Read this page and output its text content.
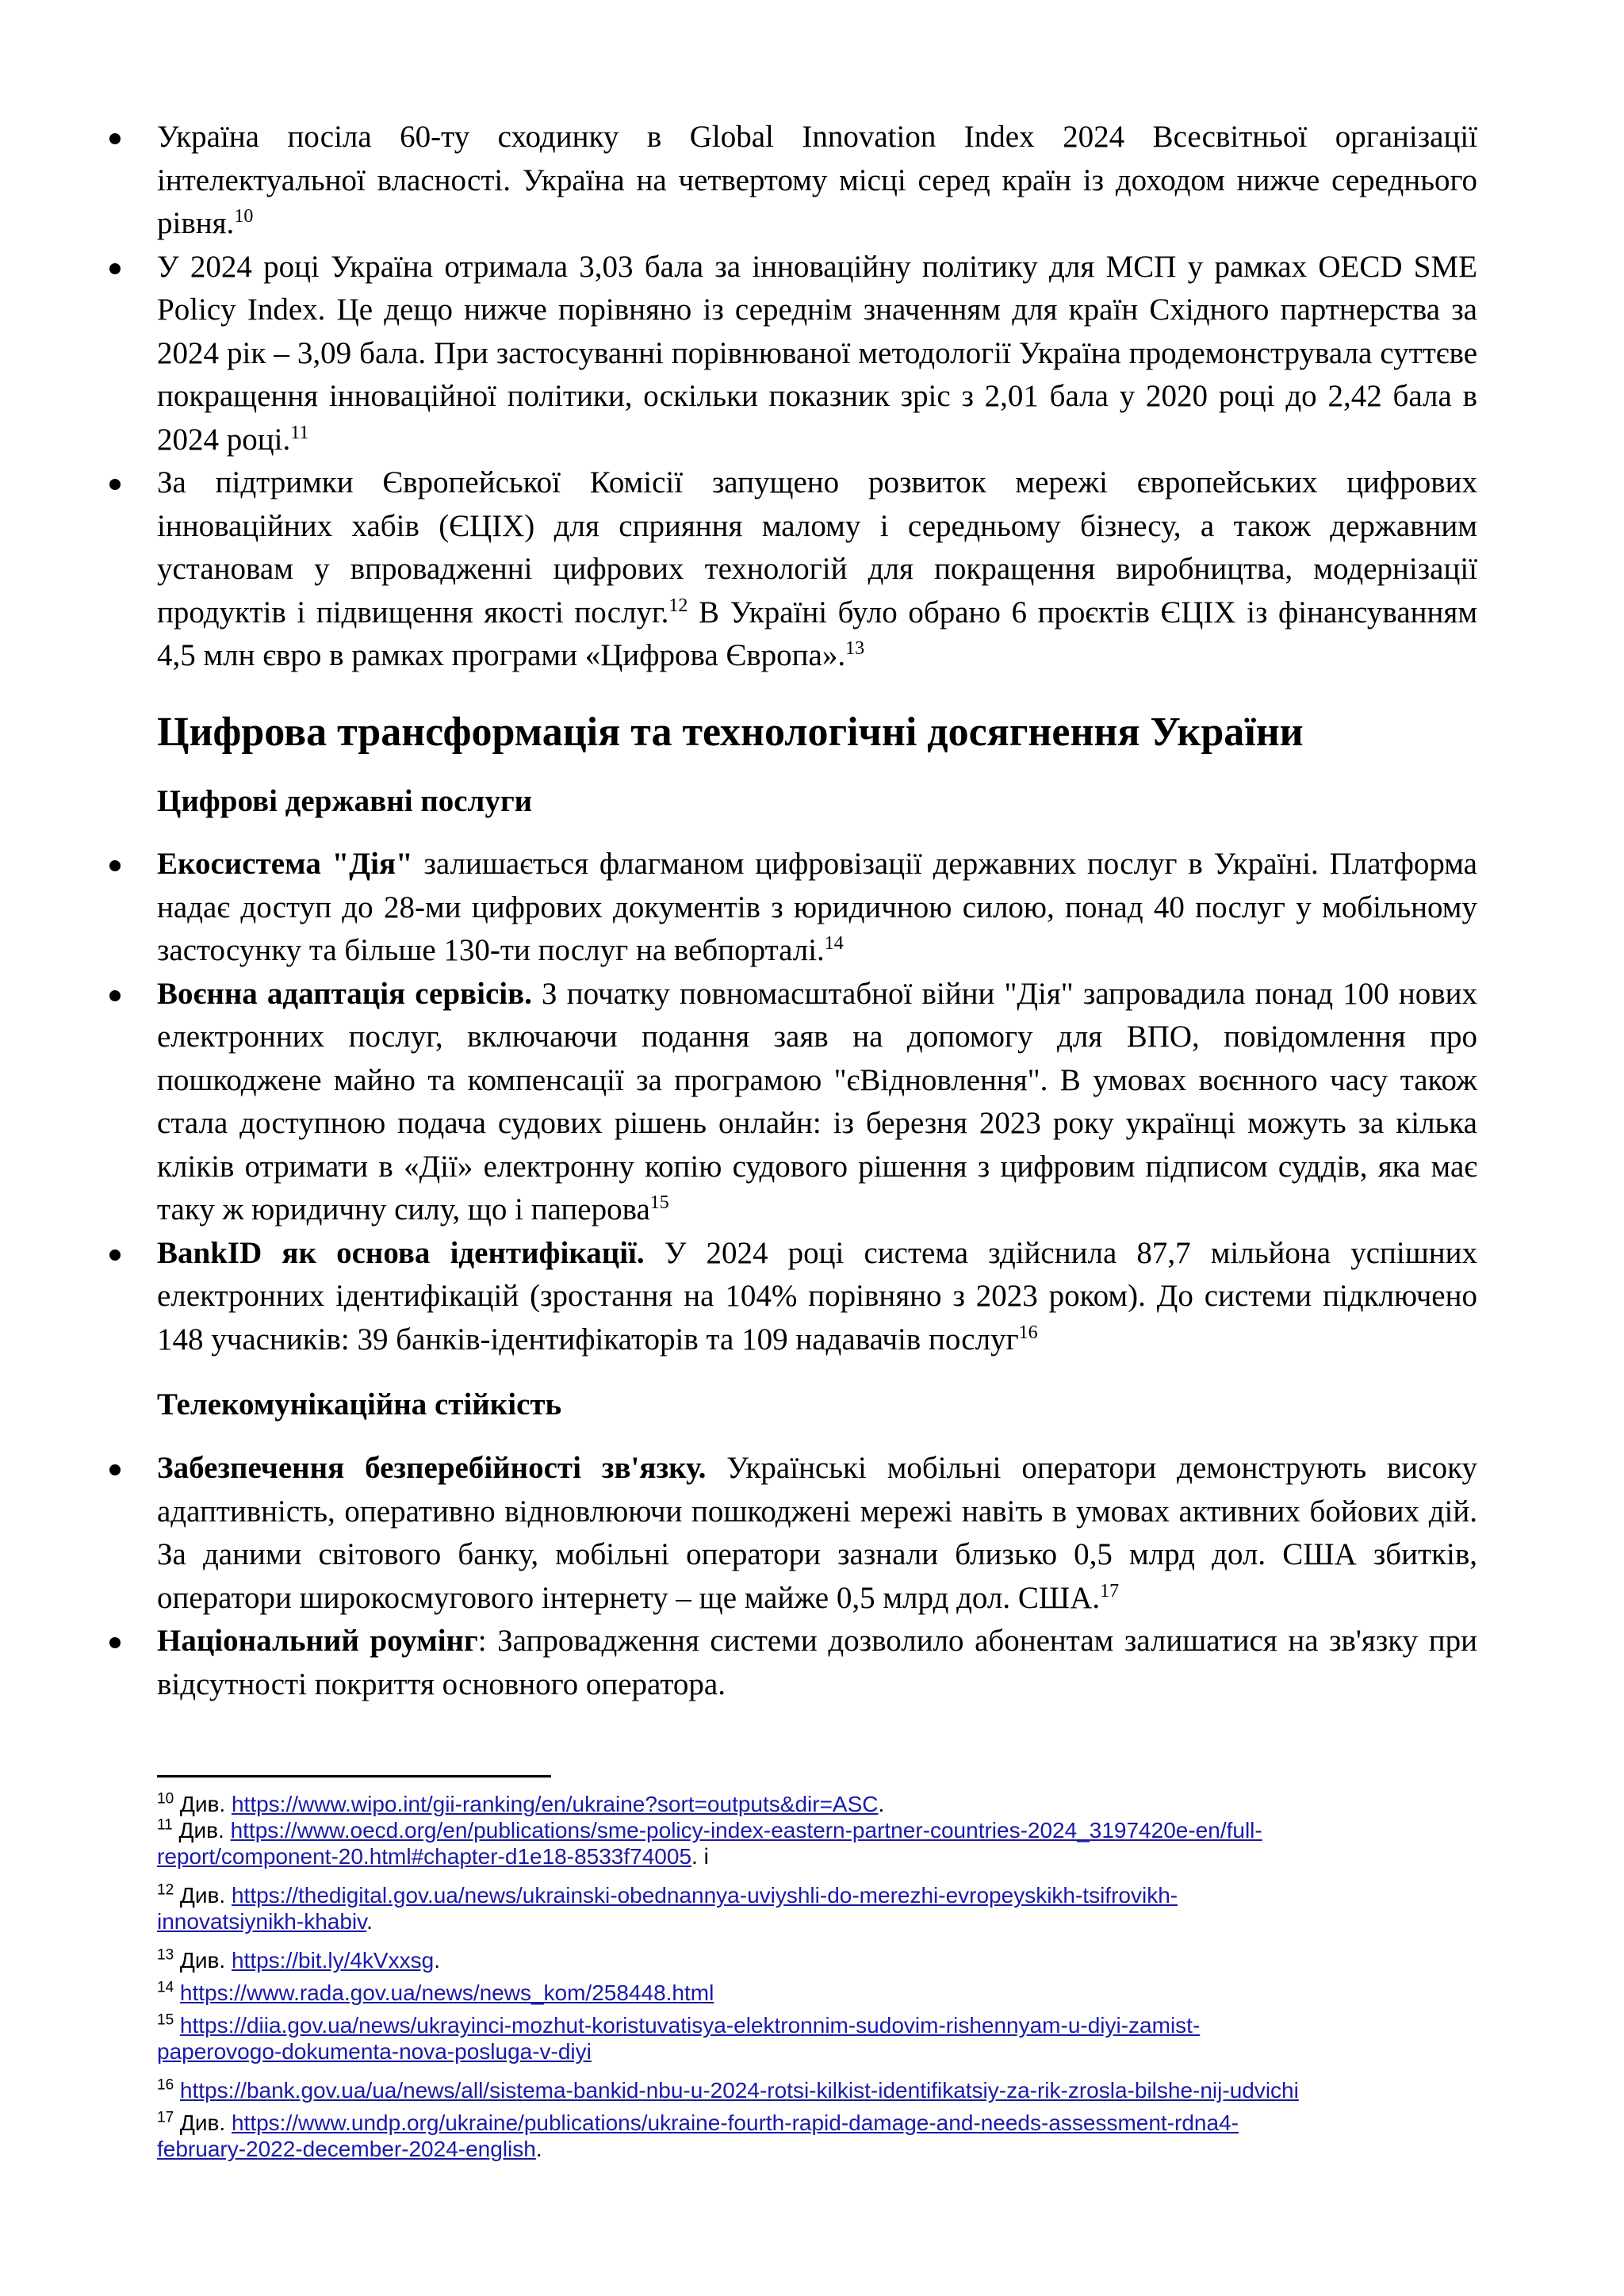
Україна посіла 60-ту сходинку в Global Innovation Index 2024 Всесвітньої організації інтелектуальної власності. Україна на четвертому місці серед країн із доходом нижче середнього рівня.$^{10}$

У 2024 році Україна отримала 3,03 бала за інноваційну політику для МСП у рамках OECD SME Policy Index. Це дещо нижче порівняно із середнім значенням для країн Східного партнерства за 2024 рік – 3,09 бала. При застосуванні порівнюваної методології Україна продемонструвала суттєве покращення інноваційної політики, оскільки показник зріс з 2,01 бала у 2020 році до 2,42 бала в 2024 році.$^{11}$

За підтримки Європейської Комісії запущено розвиток мережі європейських цифрових інноваційних хабів (ЄЦІХ) для сприяння малому і середньому бізнесу, а також державним установам у впровадженні цифрових технологій для покращення виробництва, модернізації продуктів і підвищення якості послуг.$^{12}$ В Україні було обрано 6 проєктів ЄЦІХ із фінансуванням 4,5 млн євро в рамках програми «Цифрова Європа».$^{13}$

Цифрова трансформація та технологічні досягнення України
Цифрові державні послуги

Екосистема "Дія" залишається флагманом цифровізації державних послуг в Україні. Платформа надає доступ до 28-ми цифрових документів з юридичною силою, понад 40 послуг у мобільному застосунку та більше 130-ти послуг на вебпорталі.$^{14}$

Воєнна адаптація сервісів. З початку повномасштабної війни "Дія" запровадила понад 100 нових електронних послуг, включаючи подання заяв на допомогу для ВПО, повідомлення про пошкоджене майно та компенсації за програмою "єВідновлення". В умовах воєнного часу також стала доступною подача судових рішень онлайн: із березня 2023 року українці можуть за кілька кліків отримати в «Дії» електронну копію судового рішення з цифровим підписом суддів, яка має таку ж юридичну силу, що і паперова$^{15}$

BankID як основа ідентифікації. У 2024 році система здійснила 87,7 мільйона успішних електронних ідентифікацій (зростання на 104% порівняно з 2023 роком). До системи підключено 148 учасників: 39 банків-ідентифікаторів та 109 надавачів послуг$^{16}$

Телекомунікаційна стійкість

Забезпечення безперебійності зв'язку. Українські мобільні оператори демонструють високу адаптивність, оперативно відновлюючи пошкоджені мережі навіть в умовах активних бойових дій. За даними світового банку, мобільні оператори зазнали близько 0,5 млрд дол. США збитків, оператори широкосмугового інтернету – ще майже 0,5 млрд дол. США.$^{17}$

Національний роумінг: Запровадження системи дозволило абонентам залишатися на зв'язку при відсутності покриття основного оператора.

$^{10}$ Див. https://www.wipo.int/gii-ranking/en/ukraine?sort=outputs&dir=ASC.
$^{11}$ Див. https://www.oecd.org/en/publications/sme-policy-index-eastern-partner-countries-2024_3197420e-en/full-
report/component-20.html#chapter-d1e18-8533f74005. і
$^{12}$ Див. https://thedigital.gov.ua/news/ukrainski-obednannya-uviyshli-do-merezhi-evropeyskikh-tsifrovikh-
innovatsiynikh-khabiv.
$^{13}$ Див. https://bit.ly/4kVxxsg.
$^{14}$ https://www.rada.gov.ua/news/news_kom/258448.html
$^{15}$ https://diia.gov.ua/news/ukrayinci-mozhut-koristuvatisya-elektronnim-sudovim-rishennyam-u-diyi-zamist-
paperovogo-dokumenta-nova-posluga-v-diyi
$^{16}$ https://bank.gov.ua/ua/news/all/sistema-bankid-nbu-u-2024-rotsi-kilkist-identifikatsiy-za-rik-zrosla-bilshe-nij-udvichi
$^{17}$ Див. https://www.undp.org/ukraine/publications/ukraine-fourth-rapid-damage-and-needs-assessment-rdna4-
february-2022-december-2024-english.
